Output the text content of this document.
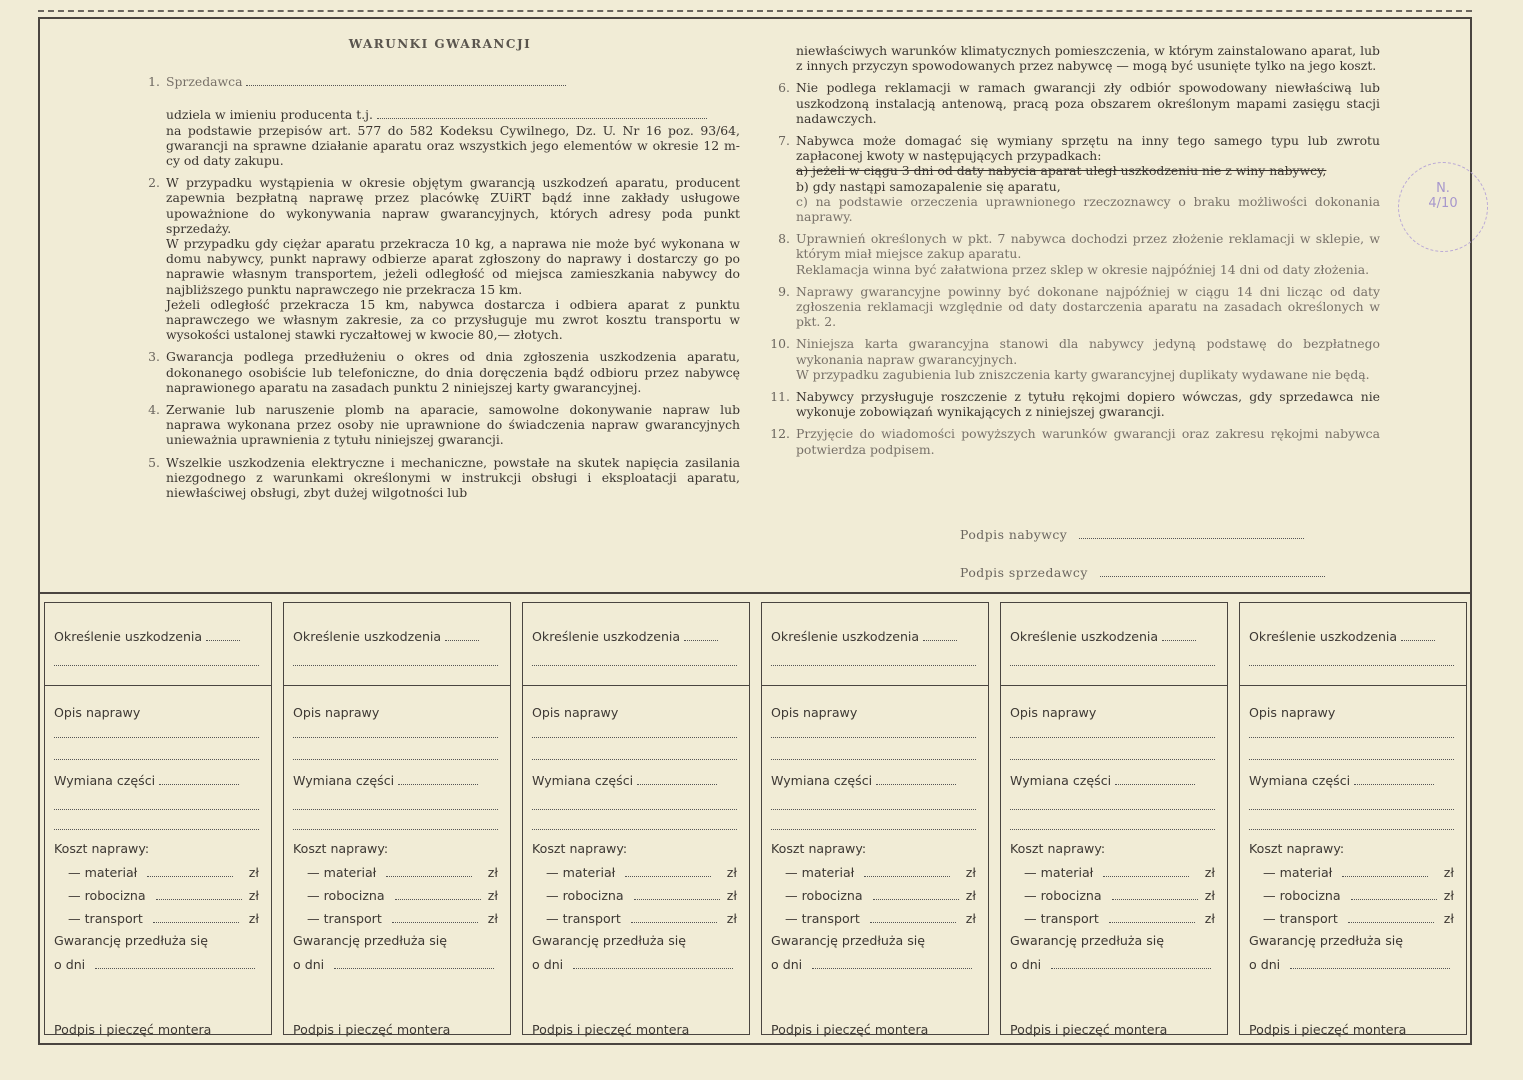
WARUNKI GWARANCJI
1. Sprzedawca

udziela w imieniu producenta t.j.

na podstawie przepisów art. 577 do 582 Kodeksu Cywilnego, Dz. U. Nr 16 poz. 93/64, gwarancji na sprawne działanie aparatu oraz wszystkich jego elementów w okresie 12 m-cy od daty zakupu.

2. W przypadku wystąpienia w okresie objętym gwarancją uszkodzeń aparatu, producent zapewnia bezpłatną naprawę przez placówkę ZUiRT bądź inne zakłady usługowe upoważnione do wykonywania napraw gwarancyjnych, których adresy poda punkt sprzedaży.

W przypadku gdy ciężar aparatu przekracza 10 kg, a naprawa nie może być wykonana w domu nabywcy, punkt naprawy odbierze aparat zgłoszony do naprawy i dostarczy go po naprawie własnym transportem, jeżeli odległość od miejsca zamieszkania nabywcy do najbliższego punktu naprawczego nie przekracza 15 km.

Jeżeli odległość przekracza 15 km, nabywca dostarcza i odbiera aparat z punktu naprawczego we własnym zakresie, za co przysługuje mu zwrot kosztu transportu w wysokości ustalonej stawki ryczałtowej w kwocie 80,— złotych.

3. Gwarancja podlega przedłużeniu o okres od dnia zgłoszenia uszkodzenia aparatu, dokonanego osobiście lub telefoniczne, do dnia doręczenia bądź odbioru przez nabywcę naprawionego aparatu na zasadach punktu 2 niniejszej karty gwarancyjnej.

4. Zerwanie lub naruszenie plomb na aparacie, samowolne dokonywanie napraw lub naprawa wykonana przez osoby nie uprawnione do świadczenia napraw gwarancyjnych unieważnia uprawnienia z tytułu niniejszej gwarancji.

5. Wszelkie uszkodzenia elektryczne i mechaniczne, powstałe na skutek napięcia zasilania niezgodnego z warunkami określonymi w instrukcji obsługi i eksploatacji aparatu, niewłaściwej obsługi, zbyt dużej wilgotności lub

niewłaściwych warunków klimatycznych pomieszczenia, w którym zainstalowano aparat, lub z innych przyczyn spowodowanych przez nabywcę — mogą być usunięte tylko na jego koszt.

6. Nie podlega reklamacji w ramach gwarancji zły odbiór spowodowany niewłaściwą lub uszkodzoną instalacją antenową, pracą poza obszarem określonym mapami zasięgu stacji nadawczych.

7. Nabywca może domagać się wymiany sprzętu na inny tego samego typu lub zwrotu zapłaconej kwoty w następujących przypadkach:

a) jeżeli w ciągu 3 dni od daty nabycia aparat uległ uszkodzeniu nie z winy nabywcy,

b) gdy nastąpi samozapalenie się aparatu,

c) na podstawie orzeczenia uprawnionego rzeczoznawcy o braku możliwości dokonania naprawy.

8. Uprawnień określonych w pkt. 7 nabywca dochodzi przez złożenie reklamacji w sklepie, w którym miał miejsce zakup aparatu.

Reklamacja winna być załatwiona przez sklep w okresie najpóźniej 14 dni od daty złożenia.

9. Naprawy gwarancyjne powinny być dokonane najpóźniej w ciągu 14 dni licząc od daty zgłoszenia reklamacji względnie od daty dostarczenia aparatu na zasadach określonych w pkt. 2.

10. Niniejsza karta gwarancyjna stanowi dla nabywcy jedyną podstawę do bezpłatnego wykonania napraw gwarancyjnych.

W przypadku zagubienia lub zniszczenia karty gwarancyjnej duplikaty wydawane nie będą.

11. Nabywcy przysługuje roszczenie z tytułu rękojmi dopiero wówczas, gdy sprzedawca nie wykonuje zobowiązań wynikających z niniejszej gwarancji.

12. Przyjęcie do wiadomości powyższych warunków gwarancji oraz zakresu rękojmi nabywca potwierdza podpisem.

Podpis nabywcy
Podpis sprzedawcy
Określenie uszkodzenia
Opis naprawy
Wymiana części
Koszt naprawy:
— materiał	zł
— robocizna	zł
— transport	zł
Gwarancję przedłuża się
o dni
Podpis i pieczęć montera
Określenie uszkodzenia
Opis naprawy
Wymiana części
Koszt naprawy:
— materiał	zł
— robocizna	zł
— transport	zł
Gwarancję przedłuża się
o dni
Podpis i pieczęć montera
Określenie uszkodzenia
Opis naprawy
Wymiana części
Koszt naprawy:
— materiał	zł
— robocizna	zł
— transport	zł
Gwarancję przedłuża się
o dni
Podpis i pieczęć montera
Określenie uszkodzenia
Opis naprawy
Wymiana części
Koszt naprawy:
— materiał	zł
— robocizna	zł
— transport	zł
Gwarancję przedłuża się
o dni
Podpis i pieczęć montera
Określenie uszkodzenia
Opis naprawy
Wymiana części
Koszt naprawy:
— materiał	zł
— robocizna	zł
— transport	zł
Gwarancję przedłuża się
o dni
Podpis i pieczęć montera
Określenie uszkodzenia
Opis naprawy
Wymiana części
Koszt naprawy:
— materiał	zł
— robocizna	zł
— transport	zł
Gwarancję przedłuża się
o dni
Podpis i pieczęć montera
N.
4/10
